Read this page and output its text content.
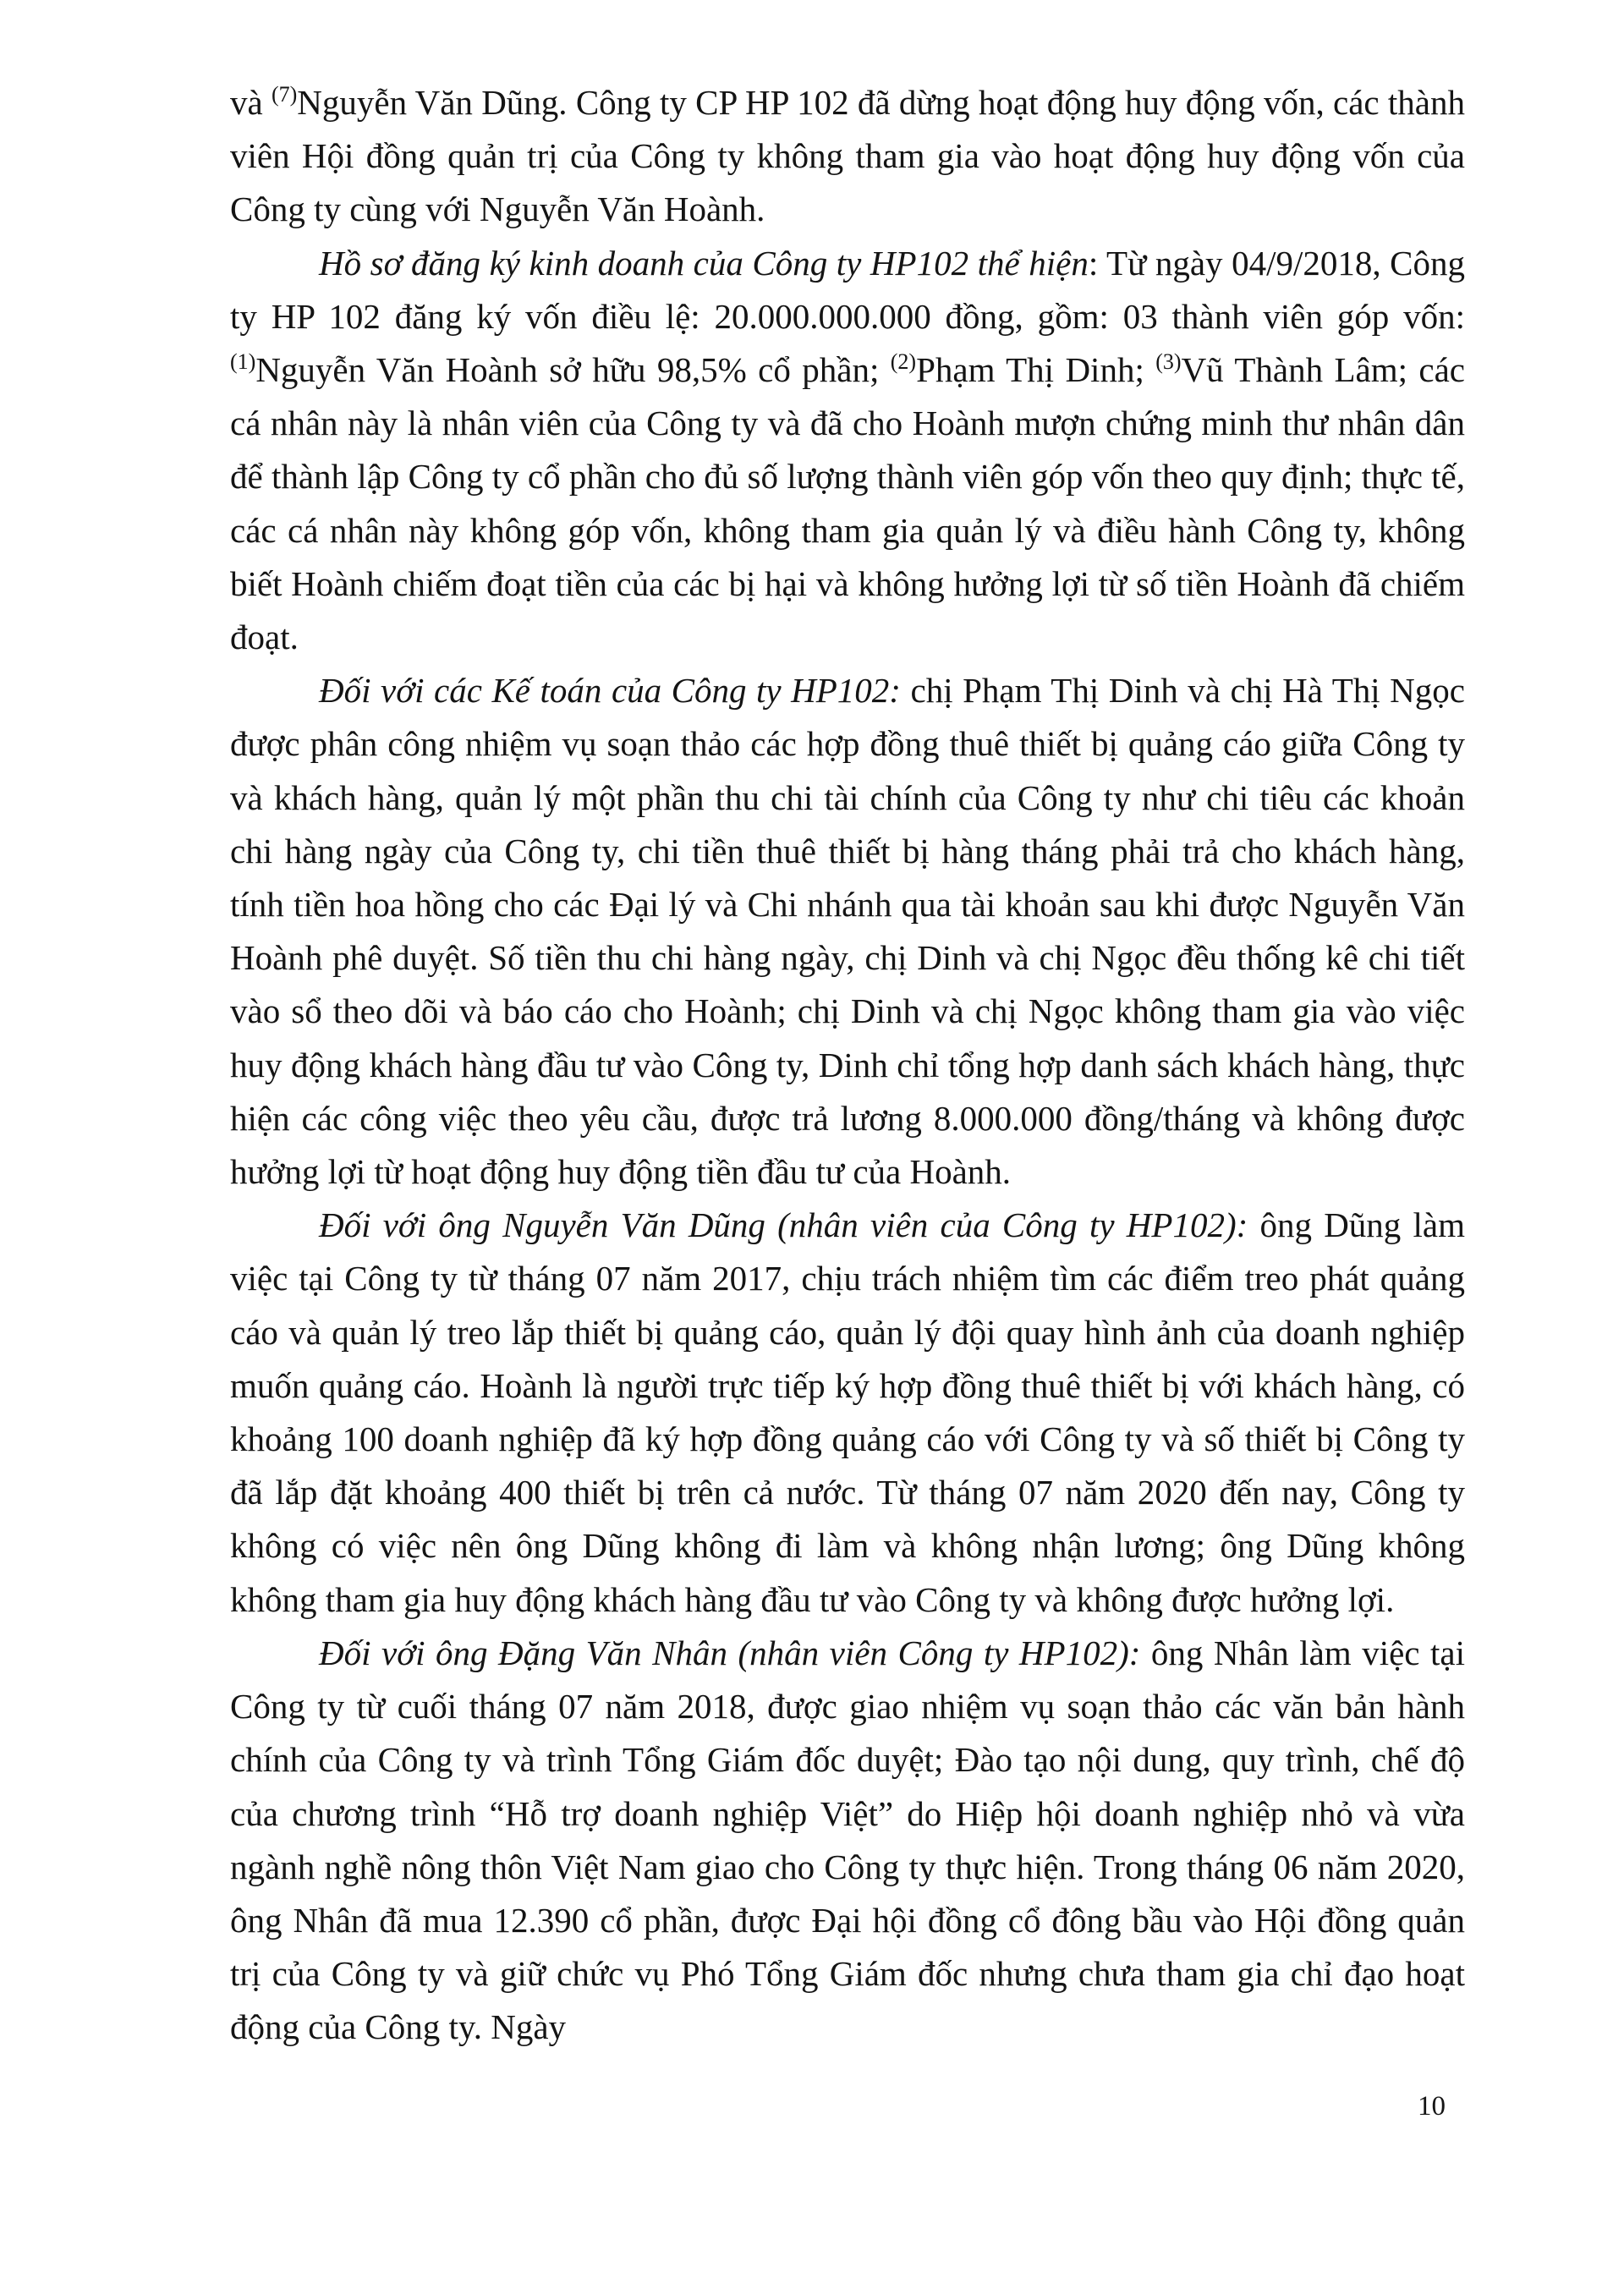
và $^{(7)}$Nguyễn Văn Dũng. Công ty CP HP 102 đã dừng hoạt động huy động vốn, các thành viên Hội đồng quản trị của Công ty không tham gia vào hoạt động huy động vốn của Công ty cùng với Nguyễn Văn Hoành.

Hồ sơ đăng ký kinh doanh của Công ty HP102 thể hiện: Từ ngày 04/9/2018, Công ty HP 102 đăng ký vốn điều lệ: 20.000.000.000 đồng, gồm: 03 thành viên góp vốn: $^{(1)}$Nguyễn Văn Hoành sở hữu 98,5% cổ phần; $^{(2)}$Phạm Thị Dinh; $^{(3)}$Vũ Thành Lâm; các cá nhân này là nhân viên của Công ty và đã cho Hoành mượn chứng minh thư nhân dân để thành lập Công ty cổ phần cho đủ số lượng thành viên góp vốn theo quy định; thực tế, các cá nhân này không góp vốn, không tham gia quản lý và điều hành Công ty, không biết Hoành chiếm đoạt tiền của các bị hại và không hưởng lợi từ số tiền Hoành đã chiếm đoạt.

Đối với các Kế toán của Công ty HP102: chị Phạm Thị Dinh và chị Hà Thị Ngọc được phân công nhiệm vụ soạn thảo các hợp đồng thuê thiết bị quảng cáo giữa Công ty và khách hàng, quản lý một phần thu chi tài chính của Công ty như chi tiêu các khoản chi hàng ngày của Công ty, chi tiền thuê thiết bị hàng tháng phải trả cho khách hàng, tính tiền hoa hồng cho các Đại lý và Chi nhánh qua tài khoản sau khi được Nguyễn Văn Hoành phê duyệt. Số tiền thu chi hàng ngày, chị Dinh và chị Ngọc đều thống kê chi tiết vào sổ theo dõi và báo cáo cho Hoành; chị Dinh và chị Ngọc không tham gia vào việc huy động khách hàng đầu tư vào Công ty, Dinh chỉ tổng hợp danh sách khách hàng, thực hiện các công việc theo yêu cầu, được trả lương 8.000.000 đồng/tháng và không được hưởng lợi từ hoạt động huy động tiền đầu tư của Hoành.

Đối với ông Nguyễn Văn Dũng (nhân viên của Công ty HP102): ông Dũng làm việc tại Công ty từ tháng 07 năm 2017, chịu trách nhiệm tìm các điểm treo phát quảng cáo và quản lý treo lắp thiết bị quảng cáo, quản lý đội quay hình ảnh của doanh nghiệp muốn quảng cáo. Hoành là người trực tiếp ký hợp đồng thuê thiết bị với khách hàng, có khoảng 100 doanh nghiệp đã ký hợp đồng quảng cáo với Công ty và số thiết bị Công ty đã lắp đặt khoảng 400 thiết bị trên cả nước. Từ tháng 07 năm 2020 đến nay, Công ty không có việc nên ông Dũng không đi làm và không nhận lương; ông Dũng không không tham gia huy động khách hàng đầu tư vào Công ty và không được hưởng lợi.

Đối với ông Đặng Văn Nhân (nhân viên Công ty HP102): ông Nhân làm việc tại Công ty từ cuối tháng 07 năm 2018, được giao nhiệm vụ soạn thảo các văn bản hành chính của Công ty và trình Tổng Giám đốc duyệt; Đào tạo nội dung, quy trình, chế độ của chương trình “Hỗ trợ doanh nghiệp Việt” do Hiệp hội doanh nghiệp nhỏ và vừa ngành nghề nông thôn Việt Nam giao cho Công ty thực hiện. Trong tháng 06 năm 2020, ông Nhân đã mua 12.390 cổ phần, được Đại hội đồng cổ đông bầu vào Hội đồng quản trị của Công ty và giữ chức vụ Phó Tổng Giám đốc nhưng chưa tham gia chỉ đạo hoạt động của Công ty. Ngày

10
